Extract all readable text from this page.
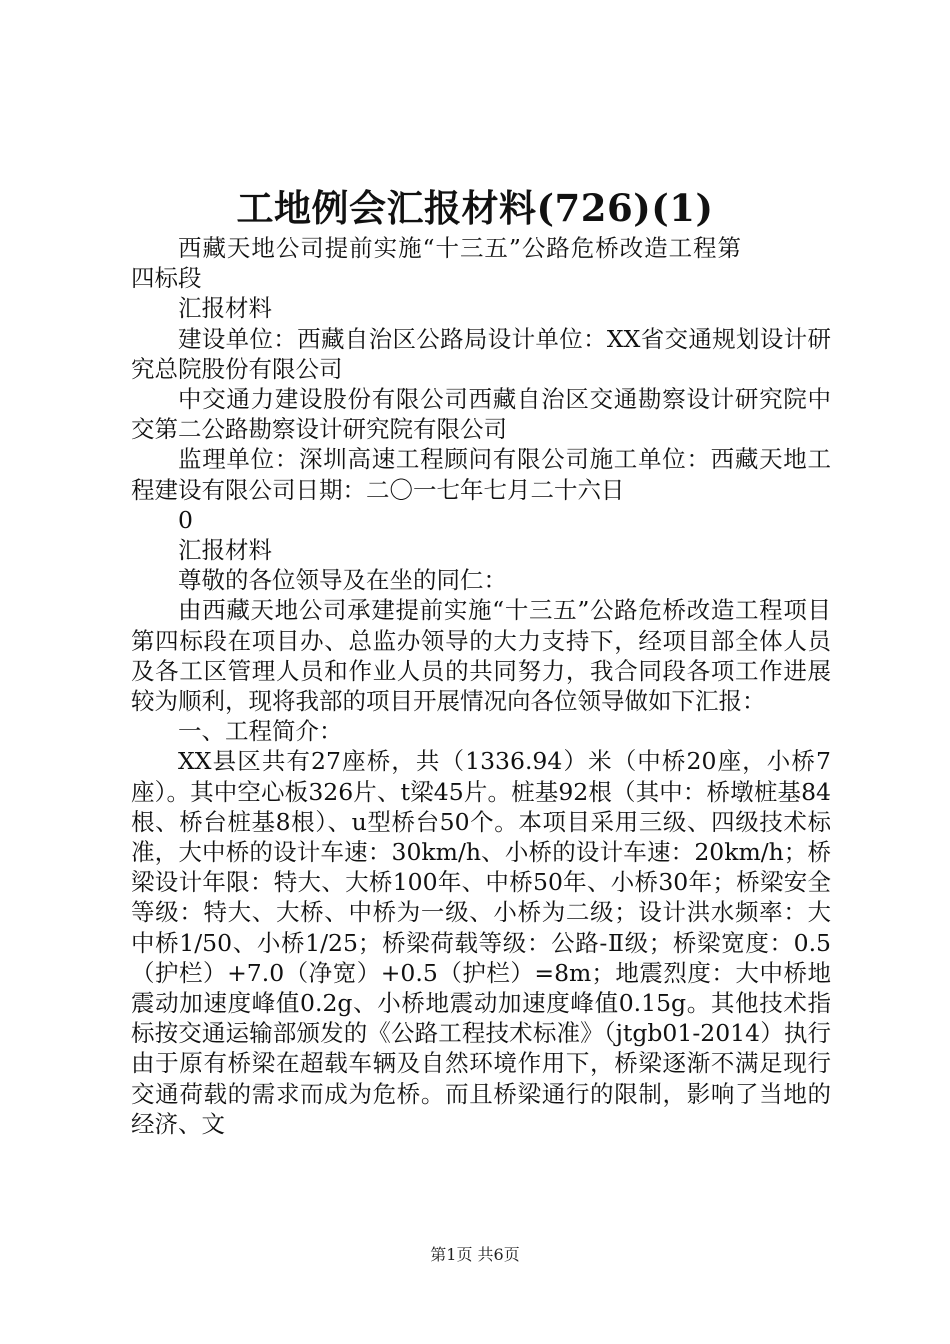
工地例会汇报材料(726)(1)

西藏天地公司提前实施“十三五”公路危桥改造工程第四标段

汇报材料

建设单位：西藏自治区公路局设计单位：XX省交通规划设计研究总院股份有限公司

中交通力建设股份有限公司西藏自治区交通勘察设计研究院中交第二公路勘察设计研究院有限公司

监理单位：深圳高速工程顾问有限公司施工单位：西藏天地工程建设有限公司日期：二〇一七年七月二十六日

0

汇报材料

尊敬的各位领导及在坐的同仁：

由西藏天地公司承建提前实施“十三五”公路危桥改造工程项目第四标段在项目办、总监办领导的大力支持下，经项目部全体人员及各工区管理人员和作业人员的共同努力，我合同段各项工作进展较为顺利，现将我部的项目开展情况向各位领导做如下汇报：

一、工程简介：

XX县区共有27座桥，共（1336.94）米（中桥20座，小桥7座）。其中空心板326片、t梁45片。桩基92根（其中：桥墩桩基84根、桥台桩基8根）、u型桥台50个。本项目采用三级、四级技术标准，大中桥的设计车速：30km/h、小桥的设计车速：20km/h；桥梁设计年限：特大、大桥100年、中桥50年、小桥30年；桥梁安全等级：特大、大桥、中桥为一级、小桥为二级；设计洪水频率：大中桥1/50、小桥1/25；桥梁荷载等级：公路-Ⅱ级；桥梁宽度：0.5（护栏）+7.0（净宽）+0.5（护栏）=8m；地震烈度：大中桥地震动加速度峰值0.2g、小桥地震动加速度峰值0.15g。其他技术指标按交通运输部颁发的《公路工程技术标准》（jtgb01-2014）执行由于原有桥梁在超载车辆及自然环境作用下，桥梁逐渐不满足现行交通荷载的需求而成为危桥。而且桥梁通行的限制，影响了当地的经济、文

第1页 共6页
